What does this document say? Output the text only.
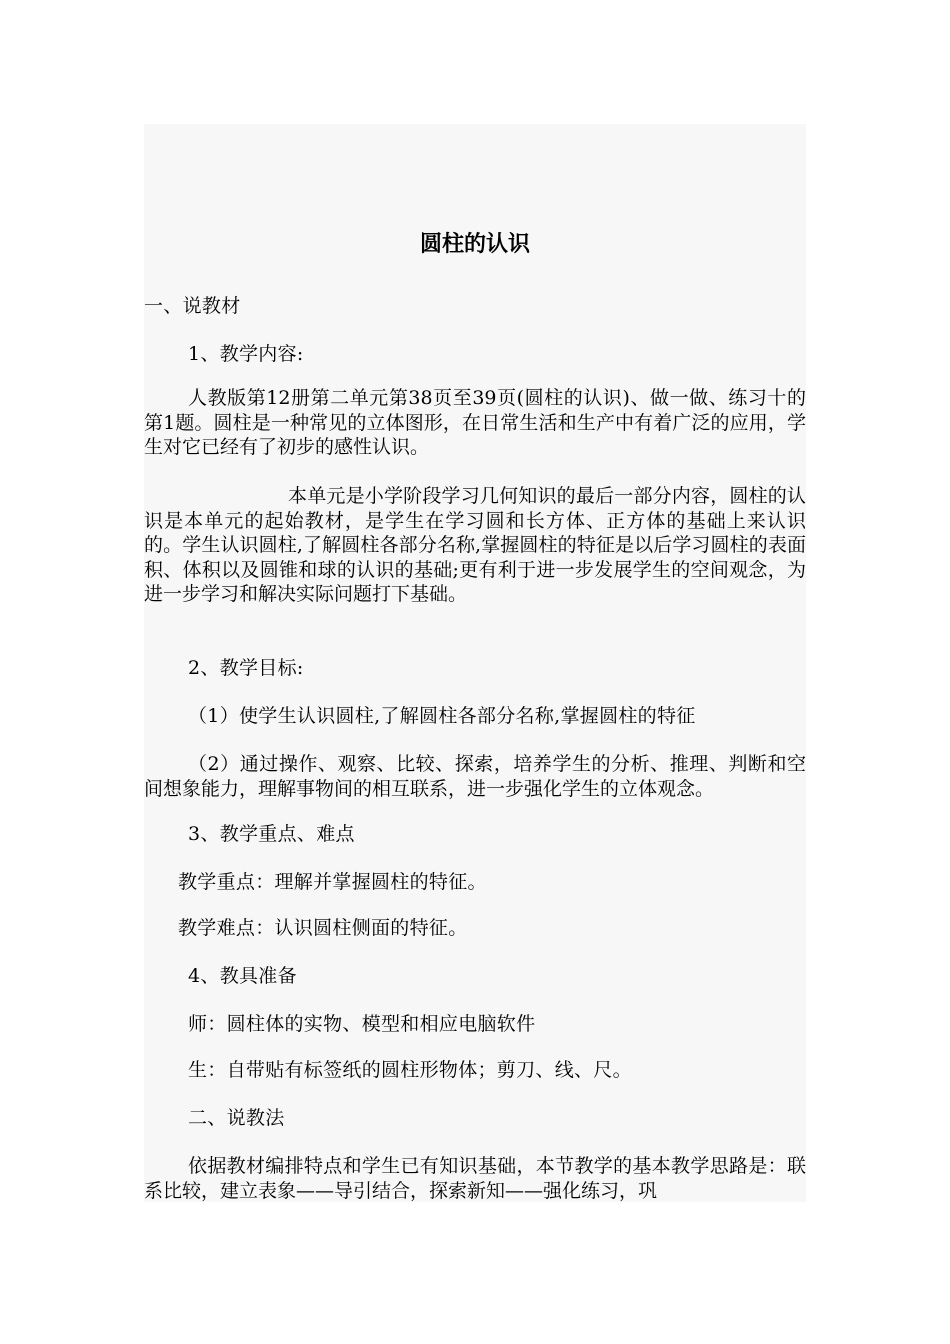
圆柱的认识
一、说教材
1、教学内容:
人教版第12册第二单元第38页至39页(圆柱的认识)、做一做、练习十的第1题。圆柱是一种常见的立体图形，在日常生活和生产中有着广泛的应用，学生对它已经有了初步的感性认识。
本单元是小学阶段学习几何知识的最后一部分内容，圆柱的认识是本单元的起始教材，是学生在学习圆和长方体、正方体的基础上来认识的。学生认识圆柱,了解圆柱各部分名称,掌握圆柱的特征是以后学习圆柱的表面积、体积以及圆锥和球的认识的基础;更有利于进一步发展学生的空间观念，为进一步学习和解决实际问题打下基础。
2、教学目标:
（1）使学生认识圆柱,了解圆柱各部分名称,掌握圆柱的特征
（2）通过操作、观察、比较、探索，培养学生的分析、推理、判断和空间想象能力，理解事物间的相互联系，进一步强化学生的立体观念。
3、教学重点、难点
教学重点：理解并掌握圆柱的特征。
教学难点：认识圆柱侧面的特征。
4、教具准备
师：圆柱体的实物、模型和相应电脑软件
生：自带贴有标签纸的圆柱形物体；剪刀、线、尺。
二、说教法
依据教材编排特点和学生已有知识基础，本节教学的基本教学思路是：联系比较，建立表象——导引结合，探索新知——强化练习，巩
